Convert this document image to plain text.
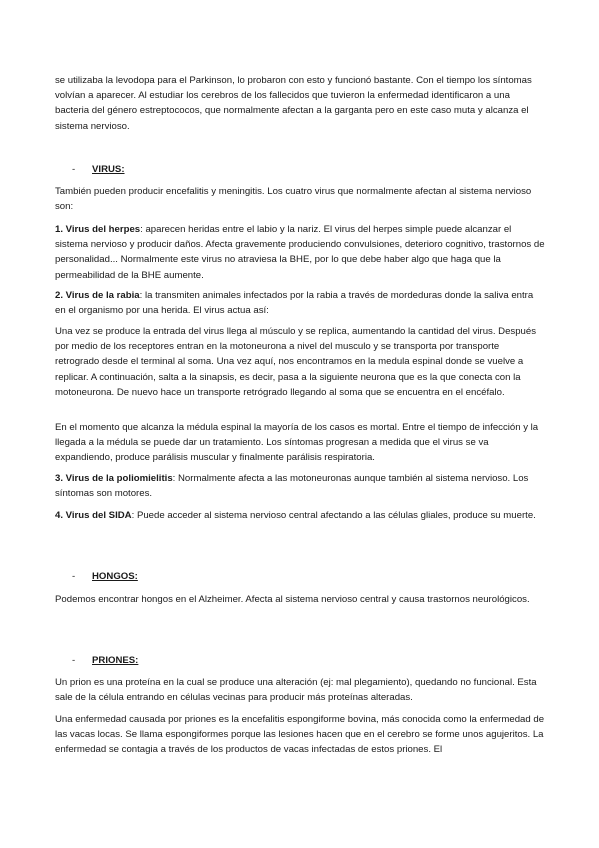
se utilizaba la levodopa para el Parkinson, lo probaron con esto y funcionó bastante. Con el tiempo los síntomas volvían a aparecer. Al estudiar los cerebros de los fallecidos que tuvieron la enfermedad identificaron a una bacteria del género estreptococos, que normalmente afectan a la garganta pero en este caso muta y alcanza el sistema nervioso.

- VIRUS:

También pueden producir encefalitis y meningitis. Los cuatro virus que normalmente afectan al sistema nervioso son:

1. Virus del herpes: aparecen heridas entre el labio y la nariz. El virus del herpes simple puede alcanzar el sistema nervioso y producir daños. Afecta gravemente produciendo convulsiones, deterioro cognitivo, trastornos de personalidad... Normalmente este virus no atraviesa la BHE, por lo que debe haber algo que haga que la permeabilidad de la BHE aumente.

2. Virus de la rabia: la transmiten animales infectados por la rabia a través de mordeduras donde la saliva entra en el organismo por una herida. El virus actua así:

Una vez se produce la entrada del virus llega al músculo y se replica, aumentando la cantidad del virus. Después por medio de los receptores entran en la motoneurona a nivel del musculo y se transporta por transporte retrogrado desde el terminal al soma. Una vez aquí, nos encontramos en la medula espinal donde se vuelve a replicar. A continuación, salta a la sinapsis, es decir, pasa a la siguiente neurona que es la que conecta con la motoneurona. De nuevo hace un transporte retrógrado llegando al soma que se encuentra en el encéfalo.

En el momento que alcanza la médula espinal la mayoría de los casos es mortal. Entre el tiempo de infección y la llegada a la médula se puede dar un tratamiento. Los síntomas progresan a medida que el virus se va expandiendo, produce parálisis muscular y finalmente parálisis respiratoria.

3. Virus de la poliomielitis: Normalmente afecta a las motoneuronas aunque también al sistema nervioso. Los síntomas son motores.

4. Virus del SIDA: Puede acceder al sistema nervioso central afectando a las células gliales, produce su muerte.

- HONGOS:

Podemos encontrar hongos en el Alzheimer. Afecta al sistema nervioso central y causa trastornos neurológicos.

- PRIONES:

Un prion es una proteína en la cual se produce una alteración (ej: mal plegamiento), quedando no funcional. Esta sale de la célula entrando en células vecinas para producir más proteínas alteradas.

Una enfermedad causada por priones es la encefalitis espongiforme bovina, más conocida como la enfermedad de las vacas locas. Se llama espongiformes porque las lesiones hacen que en el cerebro se forme unos agujeritos. La enfermedad se contagia a través de los productos de vacas infectadas de estos priones. El
